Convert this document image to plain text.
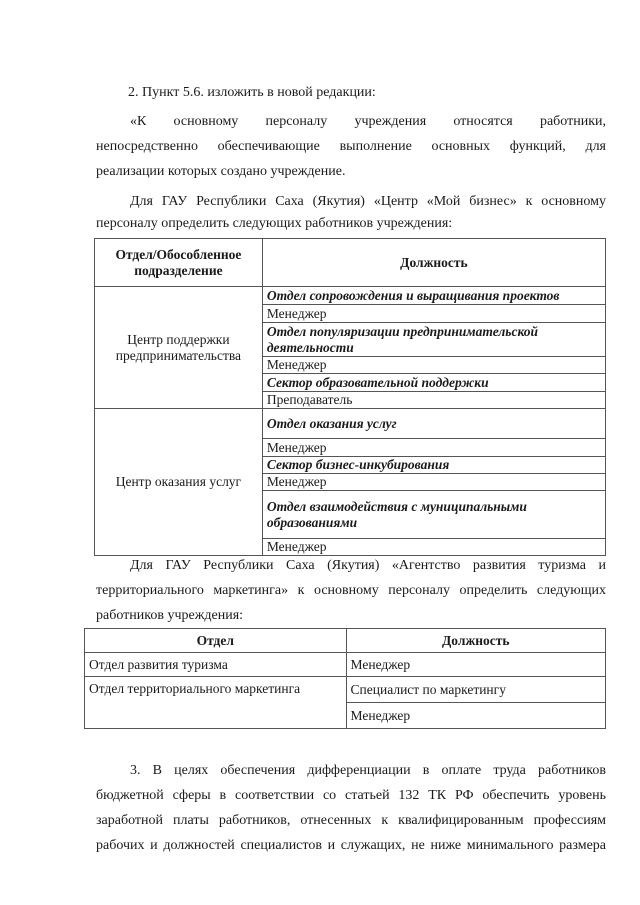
2. Пункт 5.6. изложить в новой редакции:
«К основному персоналу учреждения относятся работники,
непосредственно обеспечивающие выполнение основных функций, для
реализации которых создано учреждение.
Для ГАУ Республики Саха (Якутия) «Центр «Мой бизнес» к основному
персоналу определить следующих работников учреждения:
Отдел/Обособленное
подразделение	Должность
Центр поддержки
предпринимательства	Отдел сопровождения и выращивания проектов
	Менеджер
	Отдел популяризации предпринимательской деятельности
	Менеджер
	Сектор образовательной поддержки
	Преподаватель

Центр оказания услуг	Отдел оказания услуг
	Менеджер
	Сектор бизнес-инкубирования
	Менеджер
	Отдел взаимодействия с муниципальными образованиями
	Менеджер
Для ГАУ Республики Саха (Якутия) «Агентство развития туризма и
территориального маркетинга» к основному персоналу определить следующих
работников учреждения:
Отдел	Должность
Отдел развития туризма	Менеджер
Отдел территориального маркетинга	Специалист по маркетингу
	Менеджер
3. В целях обеспечения дифференциации в оплате труда работников
бюджетной сферы в соответствии со статьей 132 ТК РФ обеспечить уровень
заработной платы работников, отнесенных к квалифицированным профессиям
рабочих и должностей специалистов и служащих, не ниже минимального размера
